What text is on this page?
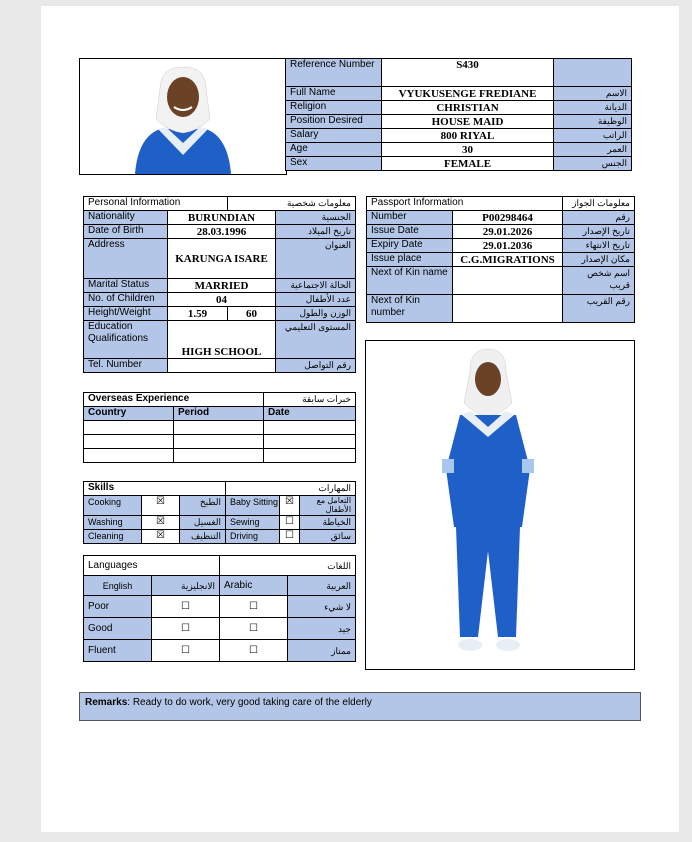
Reference Number	S430	
Full Name	VYUKUSENGE FREDIANE	الاسم
Religion	CHRISTIAN	الديانة
Position Desired	HOUSE MAID	الوظيفة
Salary	800 RIYAL	الراتب
Age	30	العمر
Sex	FEMALE	الجنس
Personal Information		معلومات شخصية	
Nationality	BURUNDIAN		الجنسية
Date of Birth	28.03.1996		تاريخ الميلاد
Address	KARUNGA ISARE		العنوان
Marital Status	MARRIED		الحالة الاجتماعية
No. of Children	04		عدد الأطفال
Height/Weight	1.59	60	الوزن والطول
Education Qualifications	HIGH SCHOOL		المستوى التعليمي
Tel. Number			رقم التواصل
Passport Information		معلومات الجواز
Number	P00298464	رقم
Issue Date	29.01.2026	تاريخ الإصدار
Expiry Date	29.01.2036	تاريخ الانتهاء
Issue place	C.G.MIGRATIONS	مكان الإصدار
Next of Kin name		اسم شخص قريب
Next of Kin number		رقم القريب
Overseas Experience		خبرات سابقة
Country	Period	Date

Skills			المهارات		
Cooking	☒	الطبخ	Baby Sitting	☒	التعامل مع الأطفال
Washing	☒	الغسيل	Sewing	☐	الخياطة
Cleaning	☒	التنظيف	Driving	☐	سائق
Languages		اللغات	
English	الانجليزية	Arabic	العربية
Poor	☐	☐	لا شيء
Good	☐	☐	جيد
Fluent	☐	☐	ممتاز
Remarks: Ready to do work, very good taking care of the elderly
